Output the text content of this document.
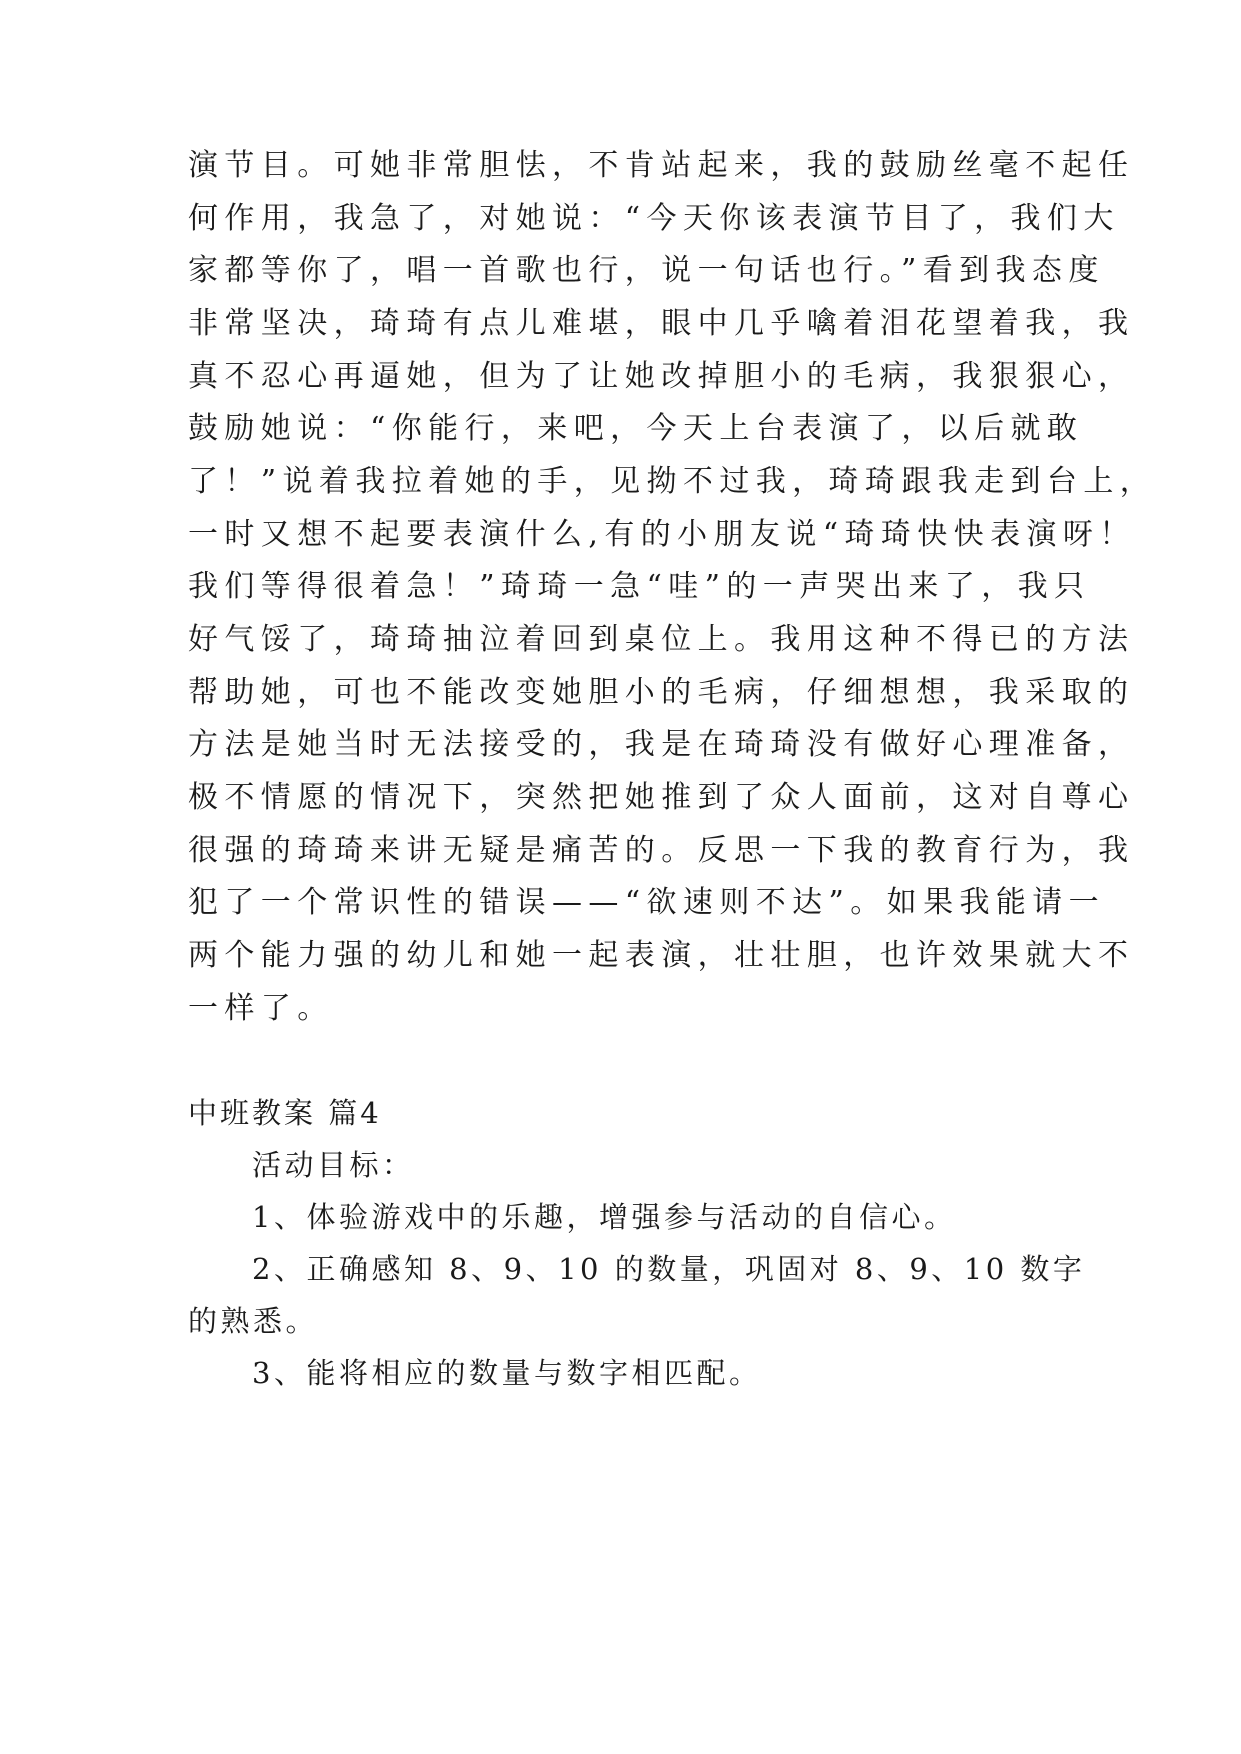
演节目。可她非常胆怯，不肯站起来，我的鼓励丝毫不起任
何作用，我急了，对她说：“今天你该表演节目了，我们大
家都等你了，唱一首歌也行，说一句话也行。”看到我态度
非常坚决，琦琦有点儿难堪，眼中几乎噙着泪花望着我，我
真不忍心再逼她，但为了让她改掉胆小的毛病，我狠狠心，
鼓励她说：“你能行，来吧，今天上台表演了，以后就敢
了！”说着我拉着她的手，见拗不过我，琦琦跟我走到台上，
一时又想不起要表演什么,有的小朋友说“琦琦快快表演呀！
我们等得很着急！”琦琦一急“哇”的一声哭出来了，我只
好气馁了，琦琦抽泣着回到桌位上。我用这种不得已的方法
帮助她，可也不能改变她胆小的毛病，仔细想想，我采取的
方法是她当时无法接受的，我是在琦琦没有做好心理准备，
极不情愿的情况下，突然把她推到了众人面前，这对自尊心
很强的琦琦来讲无疑是痛苦的。反思一下我的教育行为，我
犯了一个常识性的错误——“欲速则不达”。如果我能请一
两个能力强的幼儿和她一起表演，壮壮胆，也许效果就大不
一样了。
中班教案 篇4
活动目标：
1、体验游戏中的乐趣，增强参与活动的自信心。
2、正确感知 8、9、10 的数量，巩固对 8、9、10 数字
的熟悉。
3、能将相应的数量与数字相匹配。
